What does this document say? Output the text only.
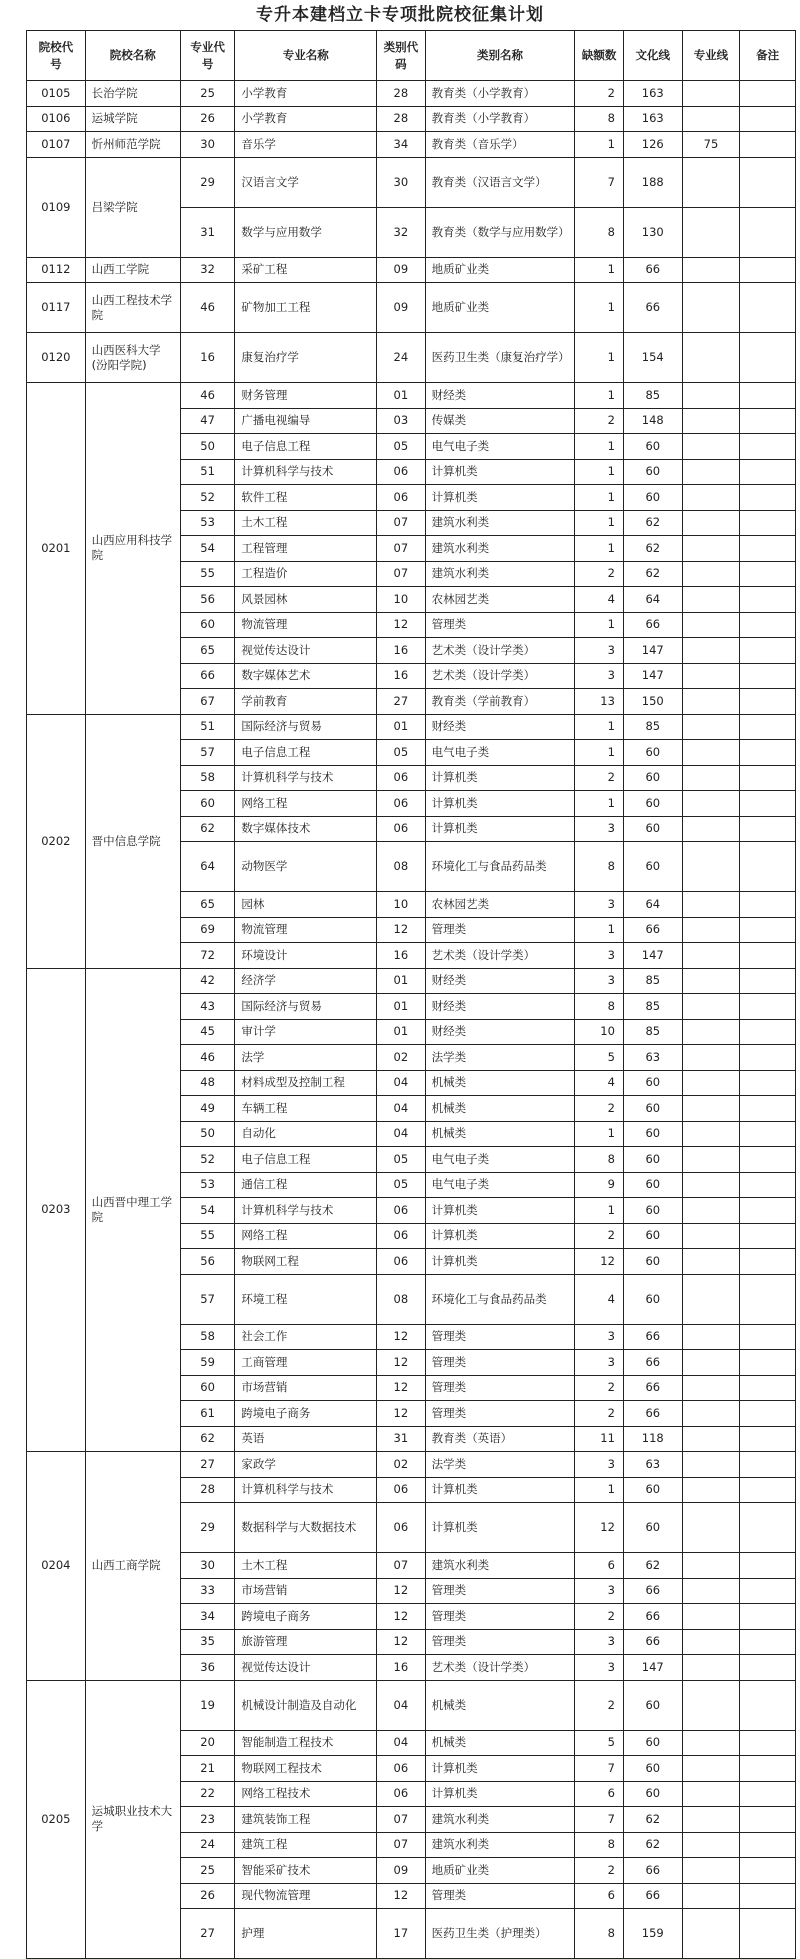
专升本建档立卡专项批院校征集计划
院校代号	院校名称	专业代号	专业名称	类别代码	类别名称	缺额数	文化线	专业线	备注
0105	长治学院	25	小学教育	28	教育类（小学教育）	2	163		
0106	运城学院	26	小学教育	28	教育类（小学教育）	8	163		
0107	忻州师范学院	30	音乐学	34	教育类（音乐学）	1	126	75	
0109	吕梁学院	29	汉语言文学	30	教育类（汉语言文学）	7	188		
		31	数学与应用数学	32	教育类（数学与应用数学）	8	130		
0112	山西工学院	32	采矿工程	09	地质矿业类	1	66		
0117	山西工程技术学院	46	矿物加工工程	09	地质矿业类	1	66		
0120	山西医科大学(汾阳学院)	16	康复治疗学	24	医药卫生类（康复治疗学）	1	154		
0201	山西应用科技学院	46	财务管理	01	财经类	1	85		
		47	广播电视编导	03	传媒类	2	148		
		50	电子信息工程	05	电气电子类	1	60		
		51	计算机科学与技术	06	计算机类	1	60		
		52	软件工程	06	计算机类	1	60		
		53	土木工程	07	建筑水利类	1	62		
		54	工程管理	07	建筑水利类	1	62		
		55	工程造价	07	建筑水利类	2	62		
		56	风景园林	10	农林园艺类	4	64		
		60	物流管理	12	管理类	1	66		
		65	视觉传达设计	16	艺术类（设计学类）	3	147		
		66	数字媒体艺术	16	艺术类（设计学类）	3	147		
		67	学前教育	27	教育类（学前教育）	13	150		
0202	晋中信息学院	51	国际经济与贸易	01	财经类	1	85		
		57	电子信息工程	05	电气电子类	1	60		
		58	计算机科学与技术	06	计算机类	2	60		
		60	网络工程	06	计算机类	1	60		
		62	数字媒体技术	06	计算机类	3	60		
		64	动物医学	08	环境化工与食品药品类	8	60		
		65	园林	10	农林园艺类	3	64		
		69	物流管理	12	管理类	1	66		
		72	环境设计	16	艺术类（设计学类）	3	147		
0203	山西晋中理工学院	42	经济学	01	财经类	3	85		
		43	国际经济与贸易	01	财经类	8	85		
		45	审计学	01	财经类	10	85		
		46	法学	02	法学类	5	63		
		48	材料成型及控制工程	04	机械类	4	60		
		49	车辆工程	04	机械类	2	60		
		50	自动化	04	机械类	1	60		
		52	电子信息工程	05	电气电子类	8	60		
		53	通信工程	05	电气电子类	9	60		
		54	计算机科学与技术	06	计算机类	1	60		
		55	网络工程	06	计算机类	2	60		
		56	物联网工程	06	计算机类	12	60		
		57	环境工程	08	环境化工与食品药品类	4	60		
		58	社会工作	12	管理类	3	66		
		59	工商管理	12	管理类	3	66		
		60	市场营销	12	管理类	2	66		
		61	跨境电子商务	12	管理类	2	66		
		62	英语	31	教育类（英语）	11	118		
0204	山西工商学院	27	家政学	02	法学类	3	63		
		28	计算机科学与技术	06	计算机类	1	60		
		29	数据科学与大数据技术	06	计算机类	12	60		
		30	土木工程	07	建筑水利类	6	62		
		33	市场营销	12	管理类	3	66		
		34	跨境电子商务	12	管理类	2	66		
		35	旅游管理	12	管理类	3	66		
		36	视觉传达设计	16	艺术类（设计学类）	3	147		
0205	运城职业技术大学	19	机械设计制造及自动化	04	机械类	2	60		
		20	智能制造工程技术	04	机械类	5	60		
		21	物联网工程技术	06	计算机类	7	60		
		22	网络工程技术	06	计算机类	6	60		
		23	建筑装饰工程	07	建筑水利类	7	62		
		24	建筑工程	07	建筑水利类	8	62		
		25	智能采矿技术	09	地质矿业类	2	66		
		26	现代物流管理	12	管理类	6	66		
		27	护理	17	医药卫生类（护理类）	8	159		
